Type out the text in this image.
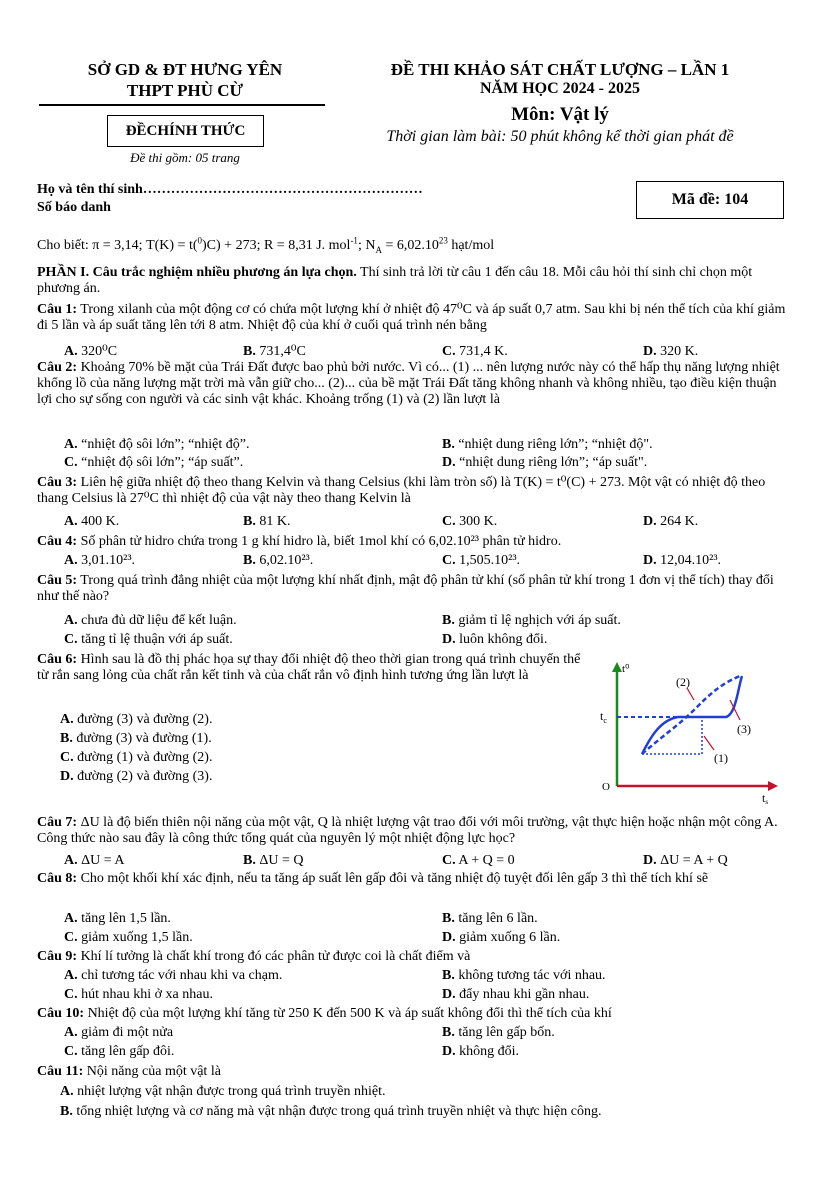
SỞ GD & ĐT HƯNG YÊN
THPT PHÙ CỪ
ĐỀCHÍNH THỨC
Đề thi gồm: 05 trang
ĐỀ THI KHẢO SÁT CHẤT LƯỢNG – LẦN 1
NĂM HỌC 2024 - 2025
Môn: Vật lý
Thời gian làm bài: 50 phút không kể thời gian phát đề
Họ và tên thí sinh……………………………………………………
Số báo danh	Mã đề: 104
Cho biết: π = 3,14; T(K) = t($^0$)C) + 273; R = 8,31 J. mol$^{-1}$; $N_A = 6,02.10^{23}$ hạt/mol
PHẦN I. Câu trắc nghiệm nhiều phương án lựa chọn. Thí sinh trả lời từ câu 1 đến câu 18. Mỗi câu hỏi thí sinh chỉ chọn một phương án.
Câu 1: Trong xilanh của một động cơ có chứa một lượng khí ở nhiệt độ 47⁰C và áp suất 0,7 atm. Sau khi bị nén thể tích của khí giảm đi 5 lần và áp suất tăng lên tới 8 atm. Nhiệt độ của khí ở cuối quá trình nén bằng
A. 320⁰C	B. 731,4⁰C	C. 731,4 K.	D. 320 K.
Câu 2: Khoảng 70% bề mặt của Trái Đất được bao phủ bởi nước. Vì có... (1) ... nên lượng nước này có thể hấp thụ năng lượng nhiệt khổng lồ của năng lượng mặt trời mà vẫn giữ cho... (2)... của bề mặt Trái Đất tăng không nhanh và không nhiều, tạo điều kiện thuận lợi cho sự sống con người và các sinh vật khác. Khoảng trống (1) và (2) lần lượt là
A. “nhiệt độ sôi lớn”; “nhiệt độ”.	B. “nhiệt dung riêng lớn”; “nhiệt độ".
C. “nhiệt độ sôi lớn”; “áp suất”.	D. “nhiệt dung riêng lớn”; “áp suất".
Câu 3: Liên hệ giữa nhiệt độ theo thang Kelvin và thang Celsius (khi làm tròn số) là T(K) = t⁰(C) + 273. Một vật có nhiệt độ theo thang Celsius là 27⁰C thì nhiệt độ của vật này theo thang Kelvin là
A. 400 K.	B. 81 K.	C. 300 K.	D. 264 K.
Câu 4: Số phân tử hidro chứa trong 1 g khí hidro là, biết 1mol khí có 6,02.10²³ phân tử hidro.
A. 3,01.10²³.	B. 6,02.10²³.	C. 1,505.10²³.	D. 12,04.10²³.
Câu 5: Trong quá trình đẳng nhiệt của một lượng khí nhất định, mật độ phân tử khí (số phân tử khí trong 1 đơn vị thể tích) thay đổi như thế nào?
A. chưa đủ dữ liệu để kết luận.	B. giảm tỉ lệ nghịch với áp suất.
C. tăng tỉ lệ thuận với áp suất.	D. luôn không đổi.
Câu 6: Hình sau là đồ thị phác họa sự thay đổi nhiệt độ theo thời gian trong quá trình chuyển thể từ rắn sang lỏng của chất rắn kết tinh và của chất rắn vô định hình tương ứng lần lượt là
A. đường (3) và đường (2).
B. đường (3) và đường (1).
C. đường (1) và đường (2).
D. đường (2) và đường (3).
t⁰
$t_c$
O
ts
(2)
(3)
(1)
Câu 7: ΔU là độ biến thiên nội năng của một vật, Q là nhiệt lượng vật trao đổi với môi trường, vật thực hiện hoặc nhận một công A. Công thức nào sau đây là công thức tổng quát của nguyên lý một nhiệt động lực học?
A. ΔU = A	B. ΔU = Q	C. A + Q = 0	D. ΔU = A + Q
Câu 8: Cho một khối khí xác định, nếu ta tăng áp suất lên gấp đôi và tăng nhiệt độ tuyệt đối lên gấp 3 thì thể tích khí sẽ
A. tăng lên 1,5 lần.	B. tăng lên 6 lần.
C. giảm xuống 1,5 lần.	D. giảm xuống 6 lần.
Câu 9: Khí lí tưởng là chất khí trong đó các phân tử được coi là chất điểm và
A. chỉ tương tác với nhau khi va chạm.	B. không tương tác với nhau.
C. hút nhau khi ở xa nhau.	D. đẩy nhau khi gần nhau.
Câu 10: Nhiệt độ của một lượng khí tăng từ 250 K đến 500 K và áp suất không đổi thì thể tích của khí
A. giảm đi một nửa	B. tăng lên gấp bốn.
C. tăng lên gấp đôi.	D. không đổi.
Câu 11: Nội năng của một vật là
A. nhiệt lượng vật nhận được trong quá trình truyền nhiệt.
B. tổng nhiệt lượng và cơ năng mà vật nhận được trong quá trình truyền nhiệt và thực hiện công.
